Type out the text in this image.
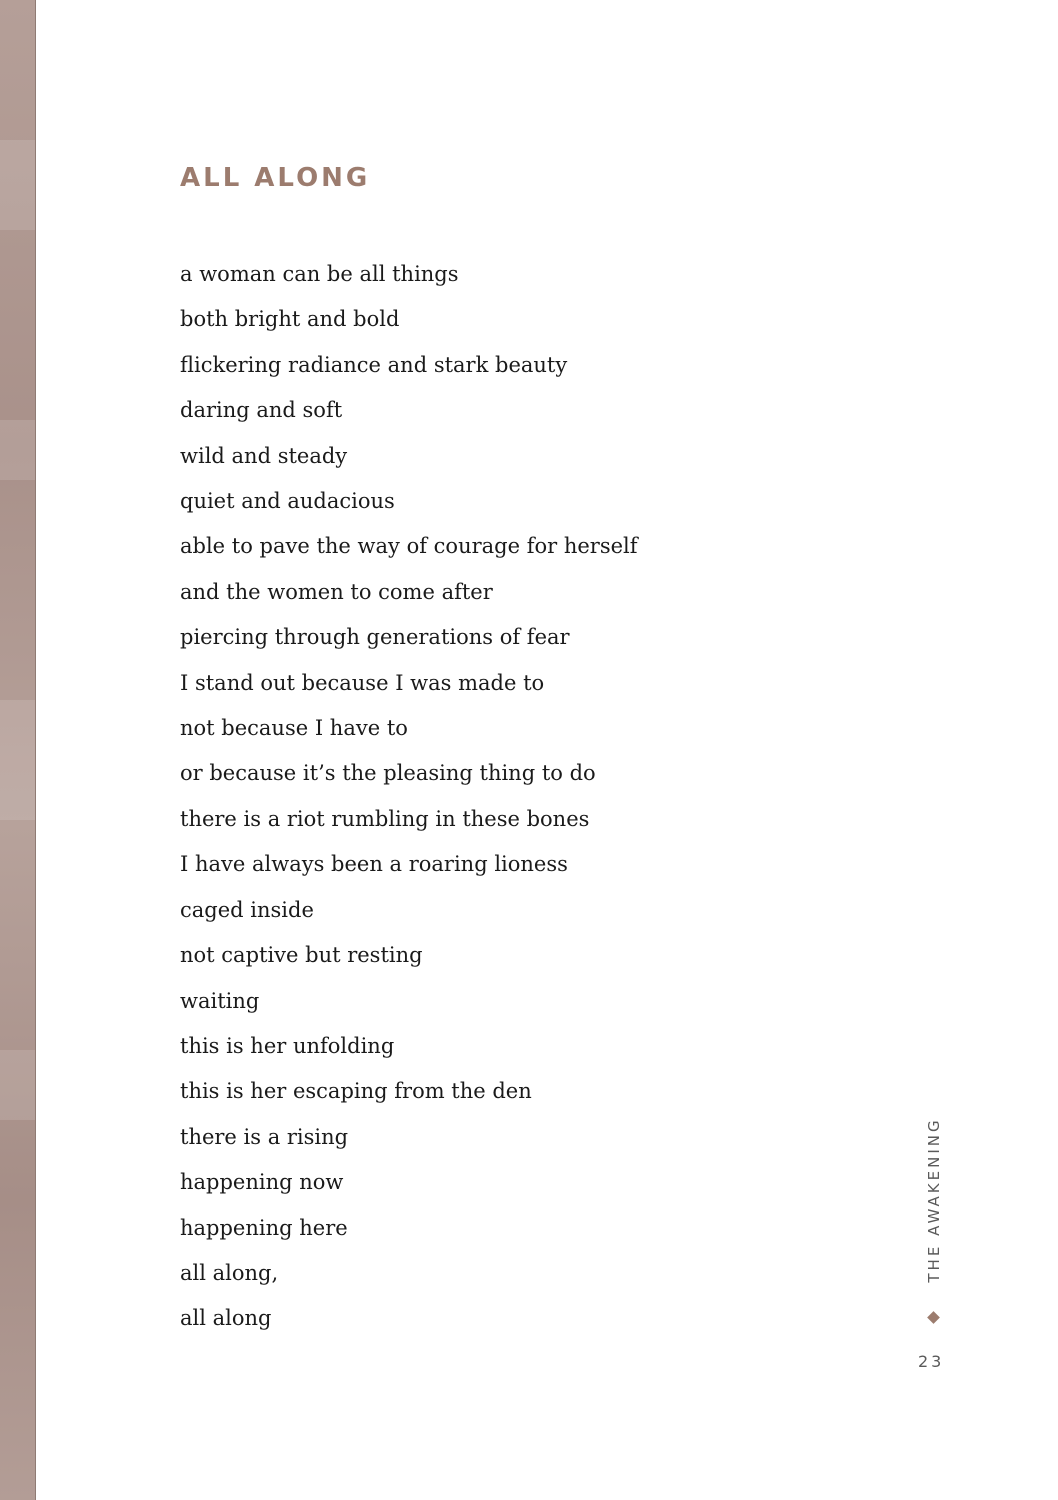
ALL ALONG
a woman can be all things
both bright and bold
flickering radiance and stark beauty
daring and soft
wild and steady
quiet and audacious
able to pave the way of courage for herself
and the women to come after
piercing through generations of fear
I stand out because I was made to
not because I have to
or because it’s the pleasing thing to do
there is a riot rumbling in these bones
I have always been a roaring lioness
caged inside
not captive but resting
waiting
this is her unfolding
this is her escaping from the den
there is a rising
happening now
happening here
all along,
all along
THE AWAKENING
23
